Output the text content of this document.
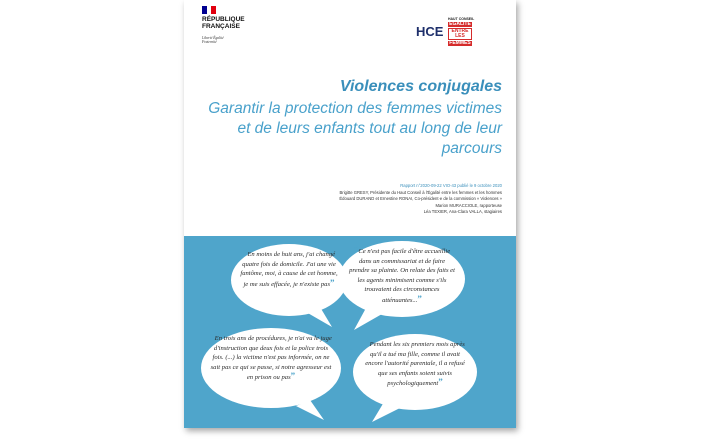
RÉPUBLIQUE
FRANÇAISE
Liberté Égalité Fraternité
HCE
HAUT CONSEIL
ÉGALITÉ
ENTRE LES
FEMMES
Violences conjugales
Garantir la protection des femmes victimes et de leurs enfants tout au long de leur parcours
Rapport n°2020-09-22 VIO-43 publié le 9 octobre 2020
Brigitte GRESY, Présidente du Haut Conseil à l'Égalité entre les femmes et les hommes
Édouard DURAND et Ernestine RONAI, Co-président·e de la commission « Violences »
Marion MURACCIOLE, rapporteuse
Léa TEXIER, Ana-Clara VALLA, stagiaires
“En moins de huit ans, j'ai changé quatre fois de domicile. J'ai une vie fantôme, moi, à cause de cet homme, je me suis effacée, je n'existe pas”
“Ce n'est pas facile d'être accueillie dans un commissariat et de faire prendre sa plainte. On relate des faits et les agents minimisent comme s'ils trouvaient des circonstances atténuantes...”
“En trois ans de procédures, je n'ai vu le juge d'instruction que deux fois et la police trois fois. (...) la victime n'est pas informée, on ne sait pas ce qui se passe, si notre agresseur est en prison ou pas”
“Pendant les six premiers mois après qu'il a tué ma fille, comme il avait encore l'autorité parentale, il a refusé que ses enfants soient suivis psychologiquement”
